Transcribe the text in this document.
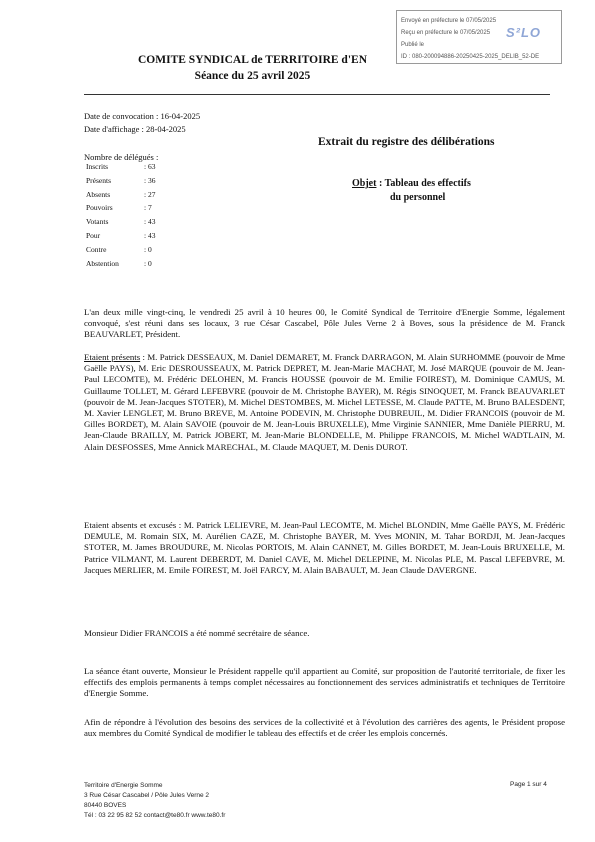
Envoyé en préfecture le 07/05/2025
Reçu en préfecture le 07/05/2025
Publié le
ID : 080-200094886-20250425-2025_DELIB_52-DE
S²LO
COMITE SYNDICAL de TERRITOIRE d'EN
Séance du 25 avril 2025
Date de convocation : 16-04-2025
Date d'affichage : 28-04-2025
Extrait du registre des délibérations
Objet : Tableau des effectifs
du personnel
Nombre de délégués :
Inscrits	: 63
Présents	: 36
Absents	: 27
Pouvoirs	: 7
Votants	: 43
Pour	: 43
Contre	: 0
Abstention	: 0

L'an deux mille vingt-cinq, le vendredi 25 avril à 10 heures 00, le Comité Syndical de Territoire d'Energie Somme, légalement convoqué, s'est réuni dans ses locaux, 3 rue César Cascabel, Pôle Jules Verne 2 à Boves, sous la présidence de M. Franck BEAUVARLET, Président.

Etaient présents : M. Patrick DESSEAUX, M. Daniel DEMARET, M. Franck DARRAGON, M. Alain SURHOMME (pouvoir de Mme Gaëlle PAYS), M. Eric DESROUSSEAUX, M. Patrick DEPRET, M. Jean-Marie MACHAT, M. José MARQUE (pouvoir de M. Jean-Paul LECOMTE), M. Frédéric DELOHEN, M. Francis HOUSSE (pouvoir de M. Emilie FOIREST), M. Dominique CAMUS, M. Guillaume TOLLET, M. Gérard LEFEBVRE (pouvoir de M. Christophe BAYER), M. Régis SINOQUET, M. Franck BEAUVARLET (pouvoir de M. Jean-Jacques STOTER), M. Michel DESTOMBES, M. Michel LETESSE, M. Claude PATTE, M. Bruno BALESDENT, M. Xavier LENGLET, M. Bruno BREVE, M. Antoine PODEVIN, M. Christophe DUBREUIL, M. Didier FRANCOIS (pouvoir de M. Gilles BORDET), M. Alain SAVOIE (pouvoir de M. Jean-Louis BRUXELLE), Mme Virginie SANNIER, Mme Danièle PIERRU, M. Jean-Claude BRAILLY, M. Patrick JOBERT, M. Jean-Marie BLONDELLE, M. Philippe FRANCOIS, M. Michel WADTLAIN, M. Alain DESFOSSES, Mme Annick MARECHAL, M. Claude MAQUET, M. Denis DUROT.

Etaient absents et excusés : M. Patrick LELIEVRE, M. Jean-Paul LECOMTE, M. Michel BLONDIN, Mme Gaëlle PAYS, M. Frédéric DEMULE, M. Romain SIX, M. Aurélien CAZE, M. Christophe BAYER, M. Yves MONIN, M. Tahar BORDJI, M. Jean-Jacques STOTER, M. James BROUDURE, M. Nicolas PORTOIS, M. Alain CANNET, M. Gilles BORDET, M. Jean-Louis BRUXELLE, M. Patrice VILMANT, M. Laurent DEBERDT, M. Daniel CAVE, M. Michel DELEPINE, M. Nicolas PLE, M. Pascal LEFEBVRE, M. Jacques MERLIER, M. Emile FOIREST, M. Joël FARCY, M. Alain BABAULT, M. Jean Claude DAVERGNE.

Monsieur Didier FRANCOIS a été nommé secrétaire de séance.

La séance étant ouverte, Monsieur le Président rappelle qu'il appartient au Comité, sur proposition de l'autorité territoriale, de fixer les effectifs des emplois permanents à temps complet nécessaires au fonctionnement des services administratifs et techniques de Territoire d'Energie Somme.

Afin de répondre à l'évolution des besoins des services de la collectivité et à l'évolution des carrières des agents, le Président propose aux membres du Comité Syndical de modifier le tableau des effectifs et de créer les emplois concernés.

Territoire d'Energie Somme
3 Rue César Cascabel / Pôle Jules Verne 2
80440 BOVES
Tél : 03 22 95 82 52 contact@te80.fr www.te80.fr
Page 1 sur 4
